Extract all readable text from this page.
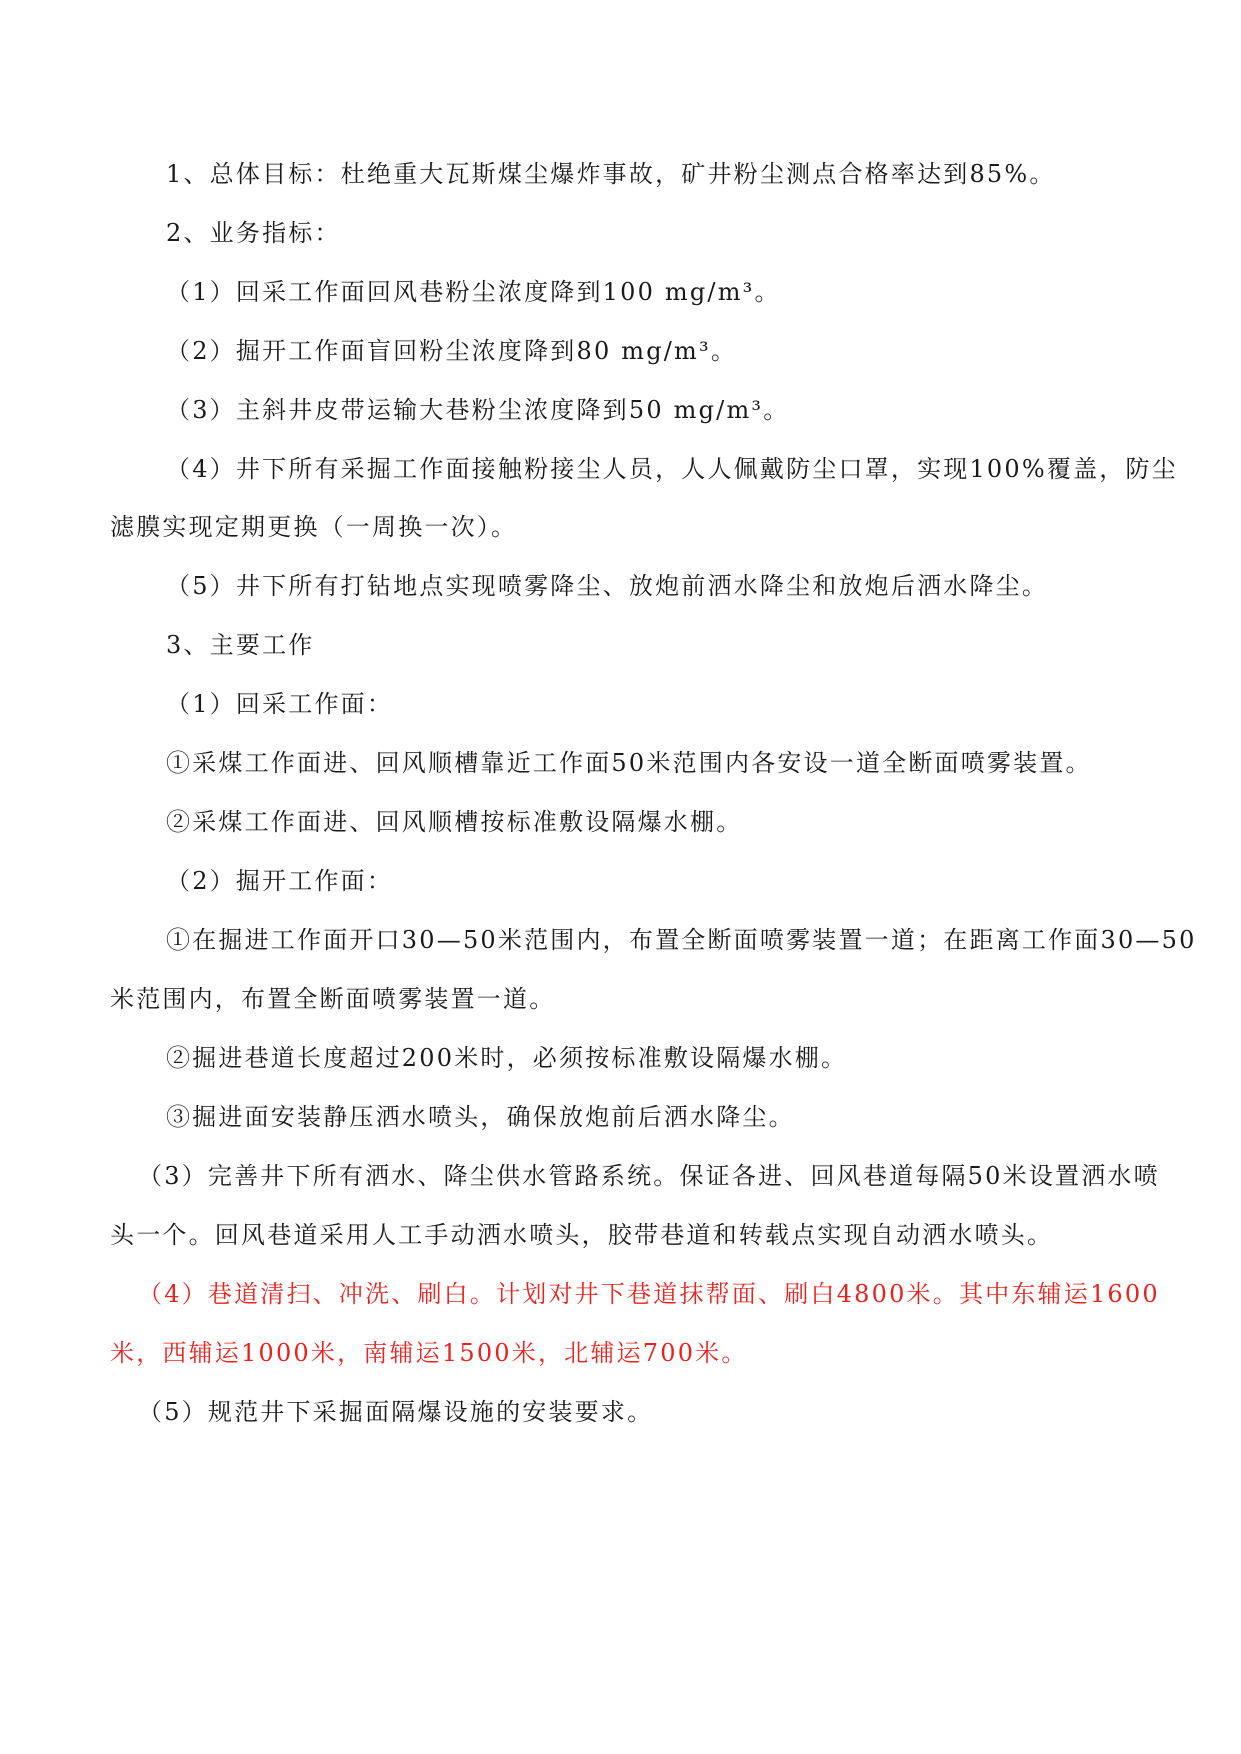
1、总体目标：杜绝重大瓦斯煤尘爆炸事故，矿井粉尘测点合格率达到85%。
2、业务指标：
（1）回采工作面回风巷粉尘浓度降到100 mg/m³。
（2）掘开工作面盲回粉尘浓度降到80 mg/m³。
（3）主斜井皮带运输大巷粉尘浓度降到50 mg/m³。
（4）井下所有采掘工作面接触粉接尘人员，人人佩戴防尘口罩，实现100%覆盖，防尘
滤膜实现定期更换（一周换一次）。
（5）井下所有打钻地点实现喷雾降尘、放炮前洒水降尘和放炮后洒水降尘。
3、主要工作
（1）回采工作面：
①采煤工作面进、回风顺槽靠近工作面50米范围内各安设一道全断面喷雾装置。
②采煤工作面进、回风顺槽按标准敷设隔爆水棚。
（2）掘开工作面：
①在掘进工作面开口30—50米范围内，布置全断面喷雾装置一道；在距离工作面30—50
米范围内，布置全断面喷雾装置一道。
②掘进巷道长度超过200米时，必须按标准敷设隔爆水棚。
③掘进面安装静压洒水喷头，确保放炮前后洒水降尘。
（3）完善井下所有洒水、降尘供水管路系统。保证各进、回风巷道每隔50米设置洒水喷
头一个。回风巷道采用人工手动洒水喷头，胶带巷道和转载点实现自动洒水喷头。
（4）巷道清扫、冲洗、刷白。计划对井下巷道抹帮面、刷白4800米。其中东辅运1600
米，西辅运1000米，南辅运1500米，北辅运700米。
（5）规范井下采掘面隔爆设施的安装要求。
